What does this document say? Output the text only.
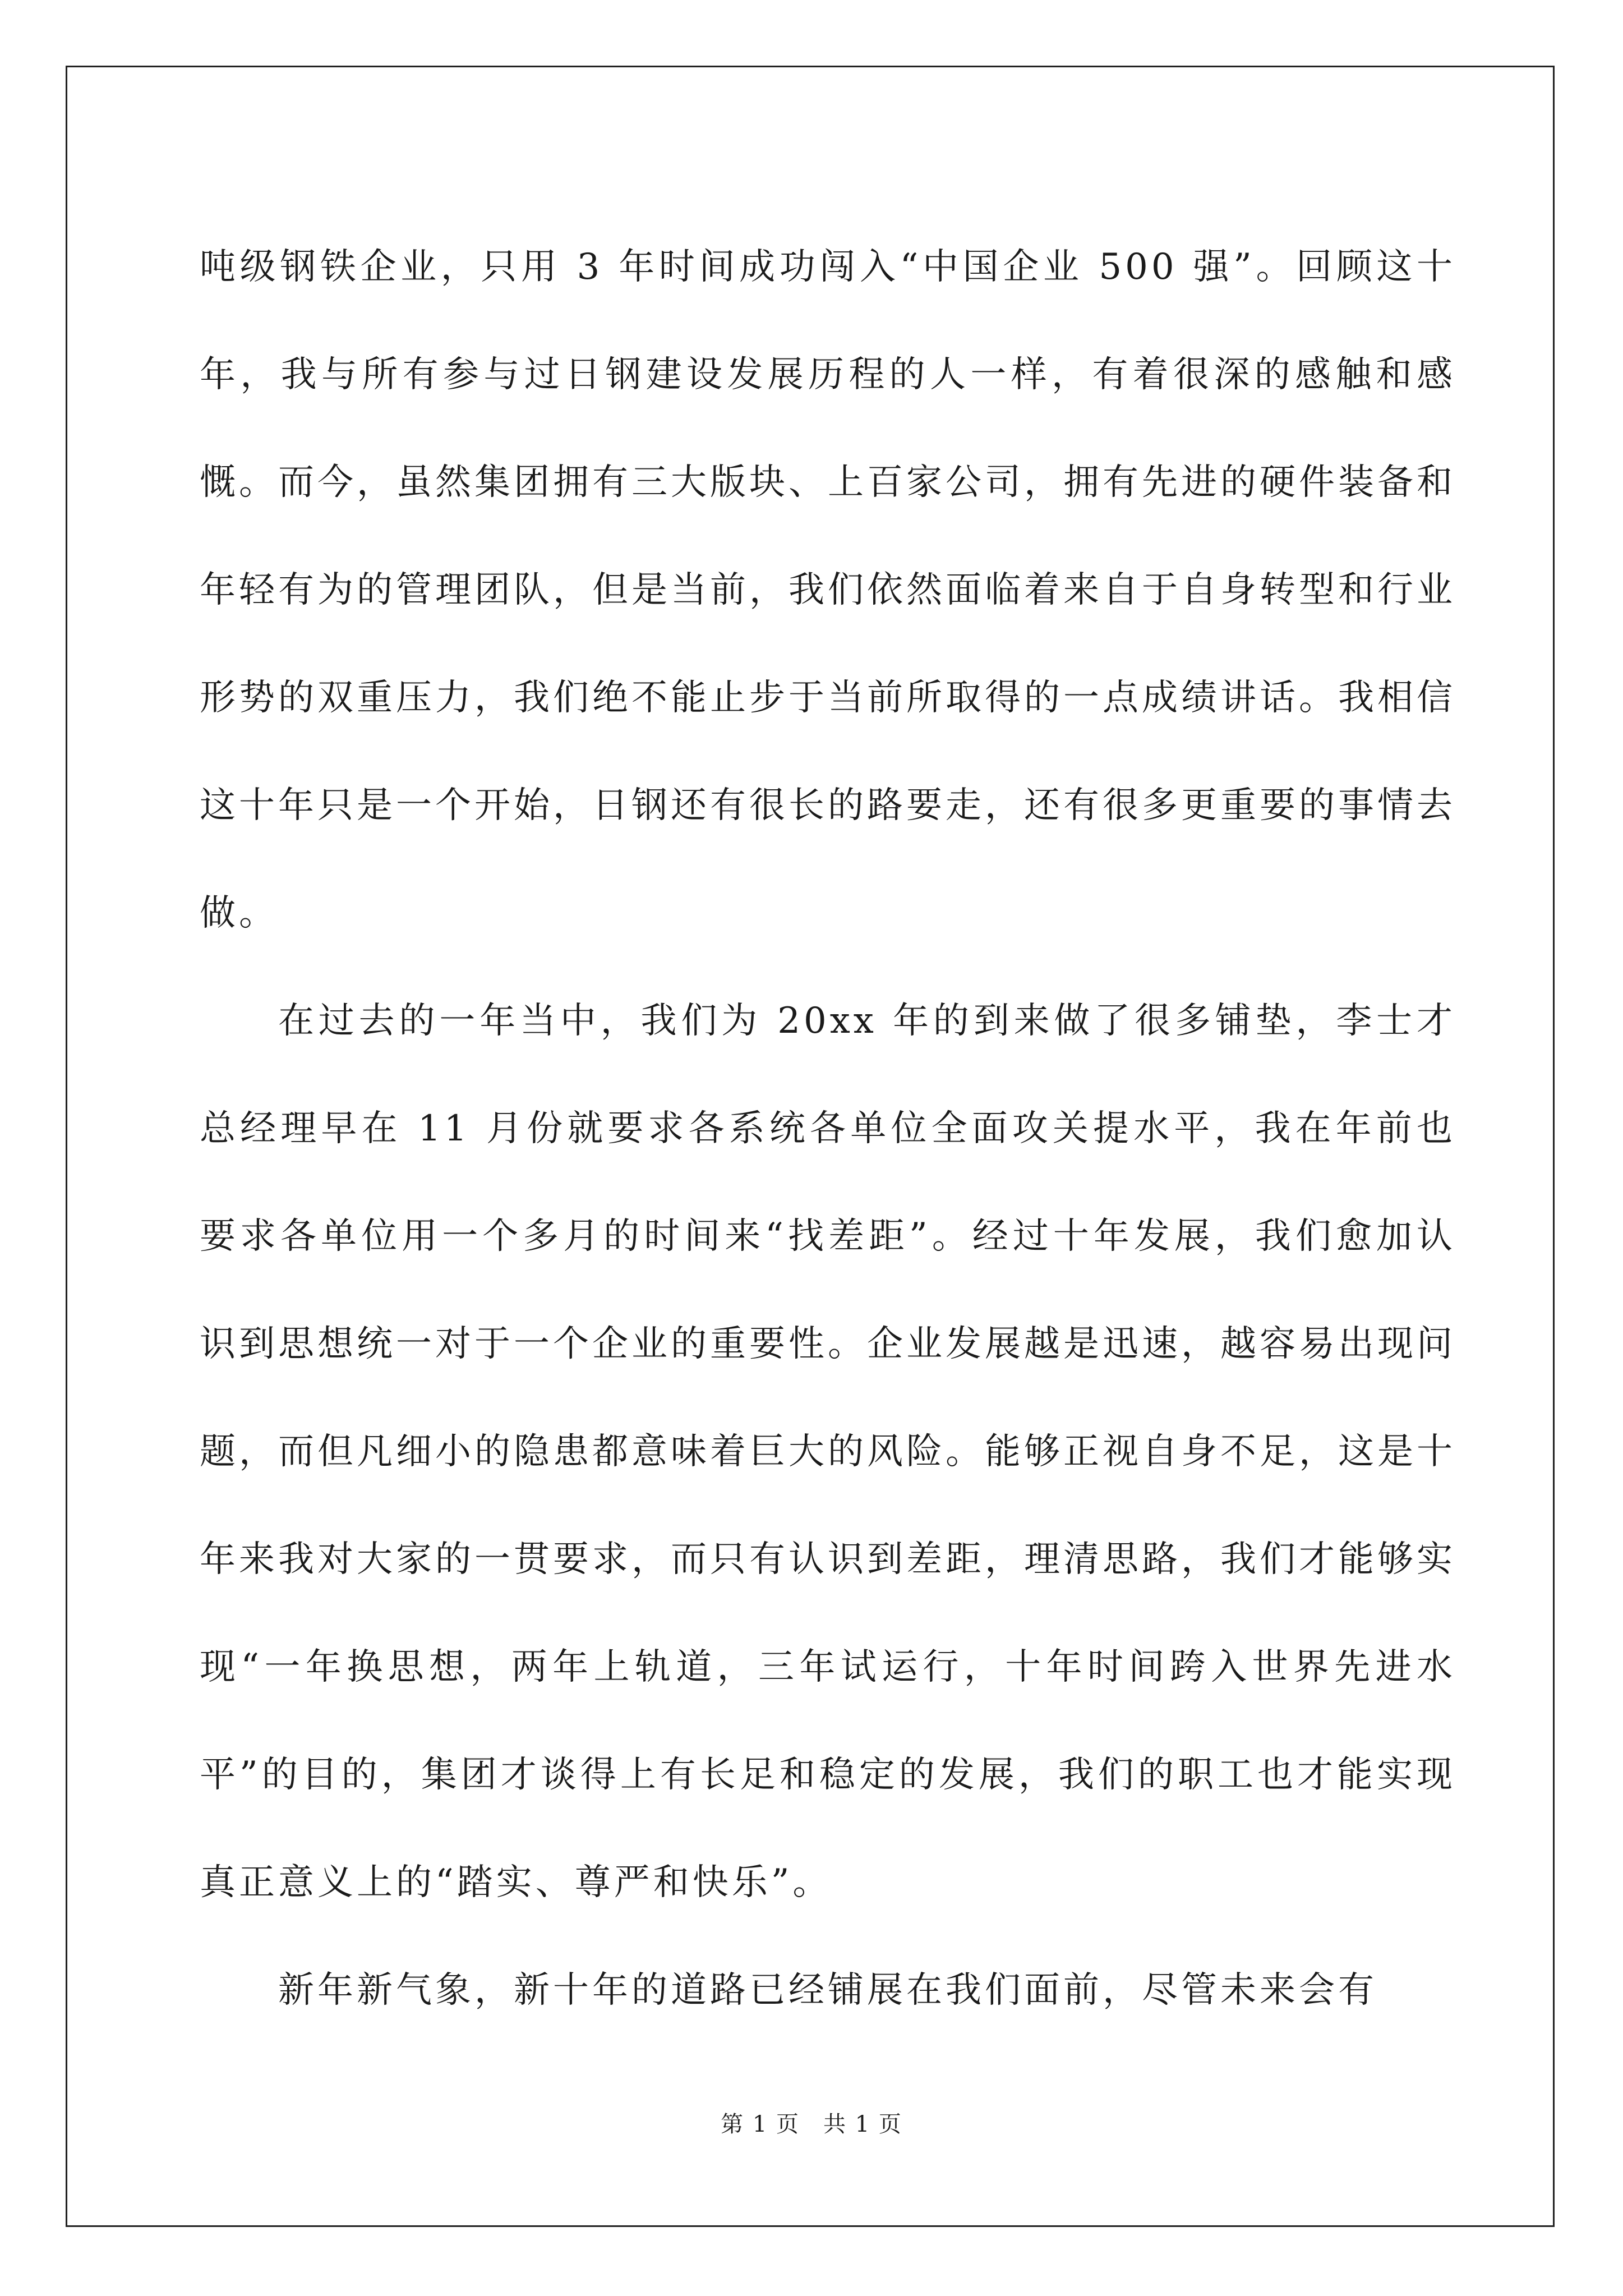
吨级钢铁企业，只用 3 年时间成功闯入“中国企业 500 强”。回顾这十年，我与所有参与过日钢建设发展历程的人一样，有着很深的感触和感慨。而今，虽然集团拥有三大版块、上百家公司，拥有先进的硬件装备和年轻有为的管理团队，但是当前，我们依然面临着来自于自身转型和行业形势的双重压力，我们绝不能止步于当前所取得的一点成绩讲话。我相信这十年只是一个开始，日钢还有很长的路要走，还有很多更重要的事情去做。

在过去的一年当中，我们为 20xx 年的到来做了很多铺垫，李士才总经理早在 11 月份就要求各系统各单位全面攻关提水平，我在年前也要求各单位用一个多月的时间来“找差距”。经过十年发展，我们愈加认识到思想统一对于一个企业的重要性。企业发展越是迅速，越容易出现问题，而但凡细小的隐患都意味着巨大的风险。能够正视自身不足，这是十年来我对大家的一贯要求，而只有认识到差距，理清思路，我们才能够实现“一年换思想，两年上轨道，三年试运行，十年时间跨入世界先进水平”的目的，集团才谈得上有长足和稳定的发展，我们的职工也才能实现真正意义上的“踏实、尊严和快乐”。

新年新气象，新十年的道路已经铺展在我们面前，尽管未来会有

第 1 页　共 1 页
